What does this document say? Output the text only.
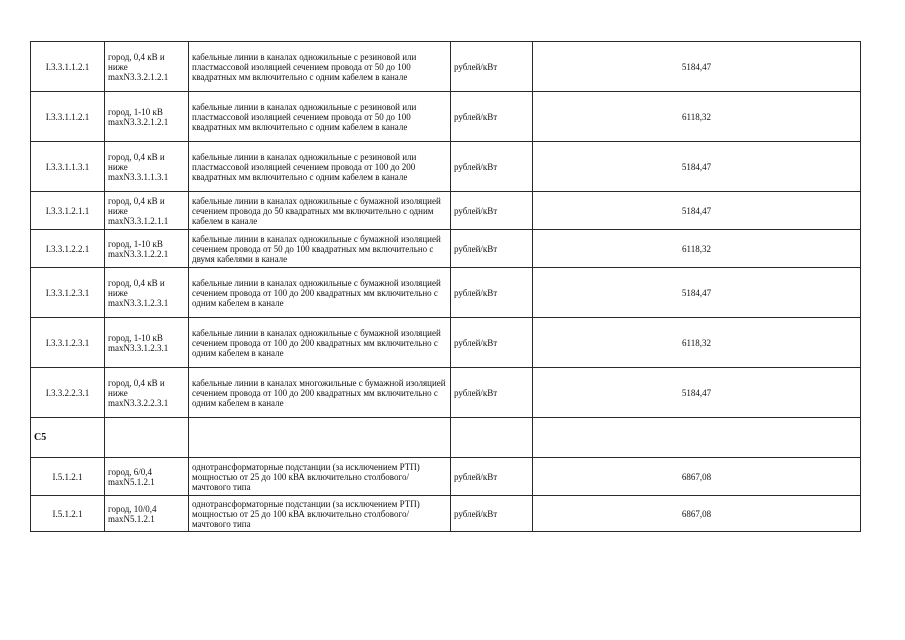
I.3.3.1.1.2.1	город, 0,4 кВ и ниже maxN3.3.2.1.2.1	кабельные линии в каналах одножильные с резиновой или пластмассовой изоляцией сечением провода от 50 до 100 квадратных мм включительно с одним кабелем в канале	рублей/кВт	5184,47
I.3.3.1.1.2.1	город, 1-10 кВ maxN3.3.2.1.2.1	кабельные линии в каналах одножильные с резиновой или пластмассовой изоляцией сечением провода от 50 до 100 квадратных мм включительно с одним кабелем в канале	рублей/кВт	6118,32
I.3.3.1.1.3.1	город, 0,4 кВ и ниже maxN3.3.1.1.3.1	кабельные линии в каналах одножильные с резиновой или пластмассовой изоляцией сечением провода от 100 до 200 квадратных мм включительно с одним кабелем в канале	рублей/кВт	5184,47
I.3.3.1.2.1.1	город, 0,4 кВ и ниже maxN3.3.1.2.1.1	кабельные линии в каналах одножильные с бумажной изоляцией сечением провода до 50 квадратных мм включительно с одним кабелем в канале	рублей/кВт	5184,47
I.3.3.1.2.2.1	город, 1-10 кВ maxN3.3.1.2.2.1	кабельные линии в каналах одножильные с бумажной изоляцией сечением провода от 50 до 100 квадратных мм включительно с двумя кабелями в канале	рублей/кВт	6118,32
I.3.3.1.2.3.1	город, 0,4 кВ и ниже maxN3.3.1.2.3.1	кабельные линии в каналах одножильные с бумажной изоляцией сечением провода от 100 до 200 квадратных мм включительно с одним кабелем в канале	рублей/кВт	5184,47
I.3.3.1.2.3.1	город, 1-10 кВ maxN3.3.1.2.3.1	кабельные линии в каналах одножильные с бумажной изоляцией сечением провода от 100 до 200 квадратных мм включительно с одним кабелем в канале	рублей/кВт	6118,32
I.3.3.2.2.3.1	город, 0,4 кВ и ниже maxN3.3.2.2.3.1	кабельные линии в каналах многожильные с бумажной изоляцией сечением провода от 100 до 200 квадратных мм включительно с одним кабелем в канале	рублей/кВт	5184,47
С5				
I.5.1.2.1	город, 6/0,4 maxN5.1.2.1	однотрансформаторные подстанции (за исключением РТП) мощностью от 25 до 100 кВА включительно столбового/мачтового типа	рублей/кВт	6867,08
I.5.1.2.1	город, 10/0,4 maxN5.1.2.1	однотрансформаторные подстанции (за исключением РТП) мощностью от 25 до 100 кВА включительно столбового/мачтового типа	рублей/кВт	6867,08
